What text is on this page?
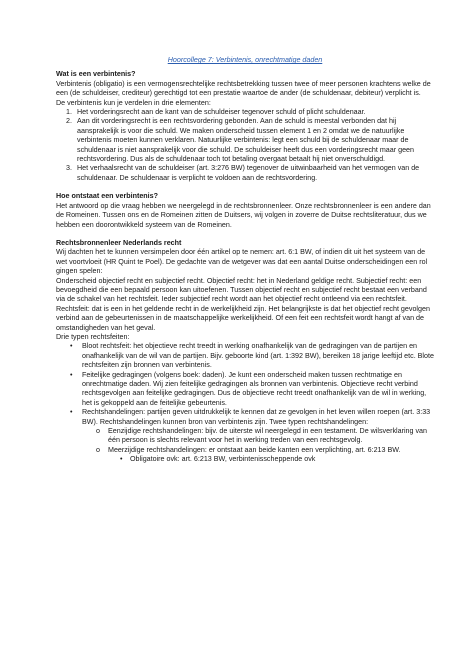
Hoorcollege 7: Verbintenis, onrechtmatige daden
Wat is een verbintenis?

Verbintenis (obligatio) is een vermogensrechtelijke rechtsbetrekking tussen twee of meer personen krachtens welke de een (de schuldeiser, crediteur) gerechtigd tot een prestatie waartoe de ander (de schuldenaar, debiteur) verplicht is.

De verbintenis kun je verdelen in drie elementen:

1. Het vorderingsrecht aan de kant van de schuldeiser tegenover schuld of plicht schuldenaar.
2. Aan dit vorderingsrecht is een rechtsvordering gebonden. Aan de schuld is meestal verbonden dat hij aansprakelijk is voor die schuld. We maken onderscheid tussen element 1 en 2 omdat we de natuurlijke verbintenis moeten kunnen verklaren. Natuurlijke verbintenis: legt een schuld bij de schuldenaar maar de schuldenaar is niet aansprakelijk voor die schuld. De schuldeiser heeft dus een vorderingsrecht maar geen rechtsvordering. Dus als de schuldenaar toch tot betaling overgaat betaalt hij niet onverschuldigd.
3. Het verhaalsrecht van de schuldeiser (art. 3:276 BW) tegenover de uitwinbaarheid van het vermogen van de schuldenaar. De schuldenaar is verplicht te voldoen aan de rechtsvordering.
Hoe ontstaat een verbintenis?

Het antwoord op die vraag hebben we neergelegd in de rechtsbronnenleer. Onze rechtsbronnenleer is een andere dan de Romeinen. Tussen ons en de Romeinen zitten de Duitsers, wij volgen in zoverre de Duitse rechtsliteratuur, dus we hebben een doorontwikkeld systeem van de Romeinen.

Rechtsbronnenleer Nederlands recht

Wij dachten het te kunnen versimpelen door één artikel op te nemen: art. 6:1 BW, of indien dit uit het systeem van de wet voortvloeit (HR Quint te Poel). De gedachte van de wetgever was dat een aantal Duitse onderscheidingen een rol gingen spelen:

Onderscheid objectief recht en subjectief recht. Objectief recht: het in Nederland geldige recht. Subjectief recht: een bevoegdheid die een bepaald persoon kan uitoefenen. Tussen objectief recht en subjectief recht bestaat een verband via de schakel van het rechtsfeit. Ieder subjectief recht wordt aan het objectief recht ontleend via een rechtsfeit. Rechtsfeit: dat is een in het geldende recht in de werkelijkheid zijn. Het belangrijkste is dat het objectief recht gevolgen verbind aan de gebeurtenissen in de maatschappelijke werkelijkheid. Of een feit een rechtsfeit wordt hangt af van de omstandigheden van het geval.

Drie typen rechtsfeiten:

• Bloot rechtsfeit: het objectieve recht treedt in werking onafhankelijk van de gedragingen van de partijen en onafhankelijk van de wil van de partijen. Bijv. geboorte kind (art. 1:392 BW), bereiken 18 jarige leeftijd etc. Blote rechtsfeiten zijn bronnen van verbintenis.
• Feitelijke gedragingen (volgens boek: daden). Je kunt een onderscheid maken tussen rechtmatige en onrechtmatige daden. Wij zien feitelijke gedragingen als bronnen van verbintenis. Objectieve recht verbind rechtsgevolgen aan feitelijke gedragingen. Dus de objectieve recht treedt onafhankelijk van de wil in werking, het is gekoppeld aan de feitelijke gebeurtenis.
• Rechtshandelingen: partijen geven uitdrukkelijk te kennen dat ze gevolgen in het leven willen roepen (art. 3:33 BW). Rechtshandelingen kunnen bron van verbintenis zijn. Twee typen rechtshandelingen:
o Eenzijdige rechtshandelingen: bijv. de uiterste wil neergelegd in een testament. De wilsverklaring van één persoon is slechts relevant voor het in werking treden van een rechtsgevolg.
o Meerzijdige rechtshandelingen: er ontstaat aan beide kanten een verplichting, art. 6:213 BW.
• Obligatoire ovk: art. 6:213 BW, verbintenisscheppende ovk
